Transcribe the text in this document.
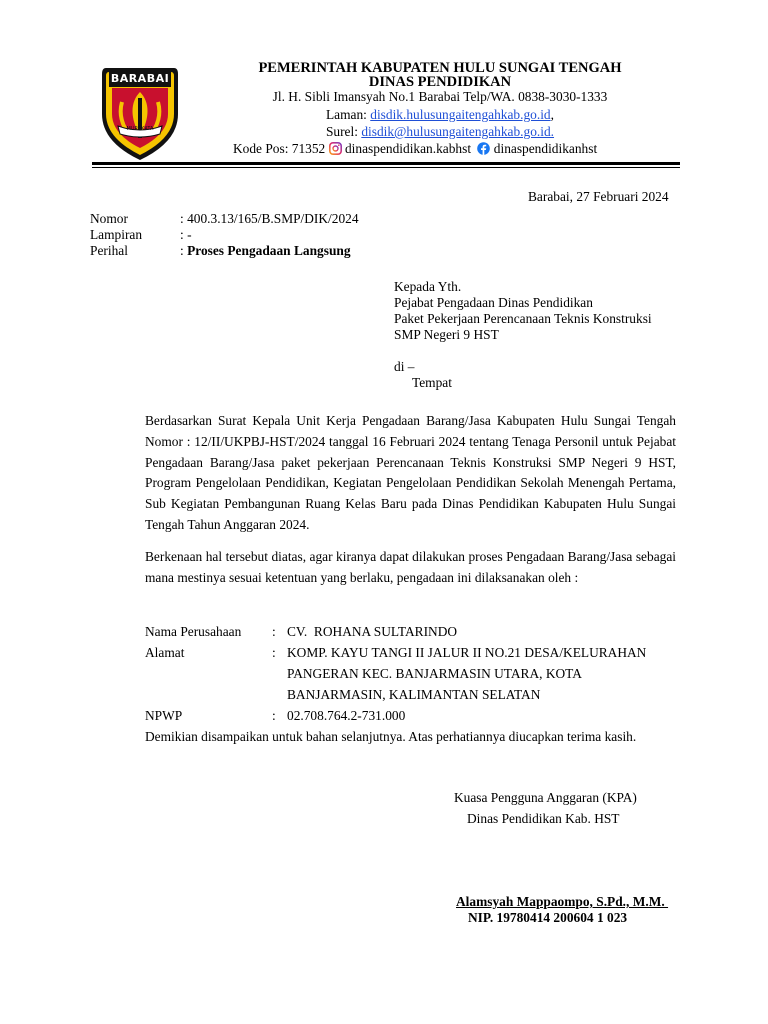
BARABAI
MURAKATA
PEMERINTAH KABUPATEN HULU SUNGAI TENGAH
DINAS PENDIDIKAN
Jl. H. Sibli Imansyah No.1 Barabai Telp/WA. 0838-3030-1333
Laman: disdik.hulusungaitengahkab.go.id,
Surel: disdik@hulusungaitengahkab.go.id.
Kode Pos: 71352 dinaspendidikan.kabhst dinaspendidikanhst
Barabai, 27 Februari 2024
Nomor	: 400.3.13/165/B.SMP/DIK/2024
Lampiran	: -
Perihal	: Proses Pengadaan Langsung
Kepada Yth.
Pejabat Pengadaan Dinas Pendidikan
Paket Pekerjaan Perencanaan Teknis Konstruksi
SMP Negeri 9 HST
di –
Tempat
Berdasarkan Surat Kepala Unit Kerja Pengadaan Barang/Jasa Kabupaten Hulu Sungai Tengah Nomor : 12/II/UKPBJ-HST/2024 tanggal 16 Februari 2024 tentang Tenaga Personil untuk Pejabat Pengadaan Barang/Jasa paket pekerjaan Perencanaan Teknis Konstruksi SMP Negeri 9 HST, Program Pengelolaan Pendidikan, Kegiatan Pengelolaan Pendidikan Sekolah Menengah Pertama, Sub Kegiatan Pembangunan Ruang Kelas Baru pada Dinas Pendidikan Kabupaten Hulu Sungai Tengah Tahun Anggaran 2024.
Berkenaan hal tersebut diatas, agar kiranya dapat dilakukan proses Pengadaan Barang/Jasa sebagai mana mestinya sesuai ketentuan yang berlaku, pengadaan ini dilaksanakan oleh :
Nama Perusahaan : CV.  ROHANA SULTARINDO
Alamat	: KOMP. KAYU TANGI II JALUR II NO.21 DESA/KELURAHAN
PANGERAN KEC. BANJARMASIN UTARA, KOTA
BANJARMASIN, KALIMANTAN SELATAN
NPWP	: 02.708.764.2-731.000
Demikian disampaikan untuk bahan selanjutnya. Atas perhatiannya diucapkan terima kasih.
Kuasa Pengguna Anggaran (KPA)
Dinas Pendidikan Kab. HST
Alamsyah Mappaompo, S.Pd., M.M.
NIP. 19780414 200604 1 023
